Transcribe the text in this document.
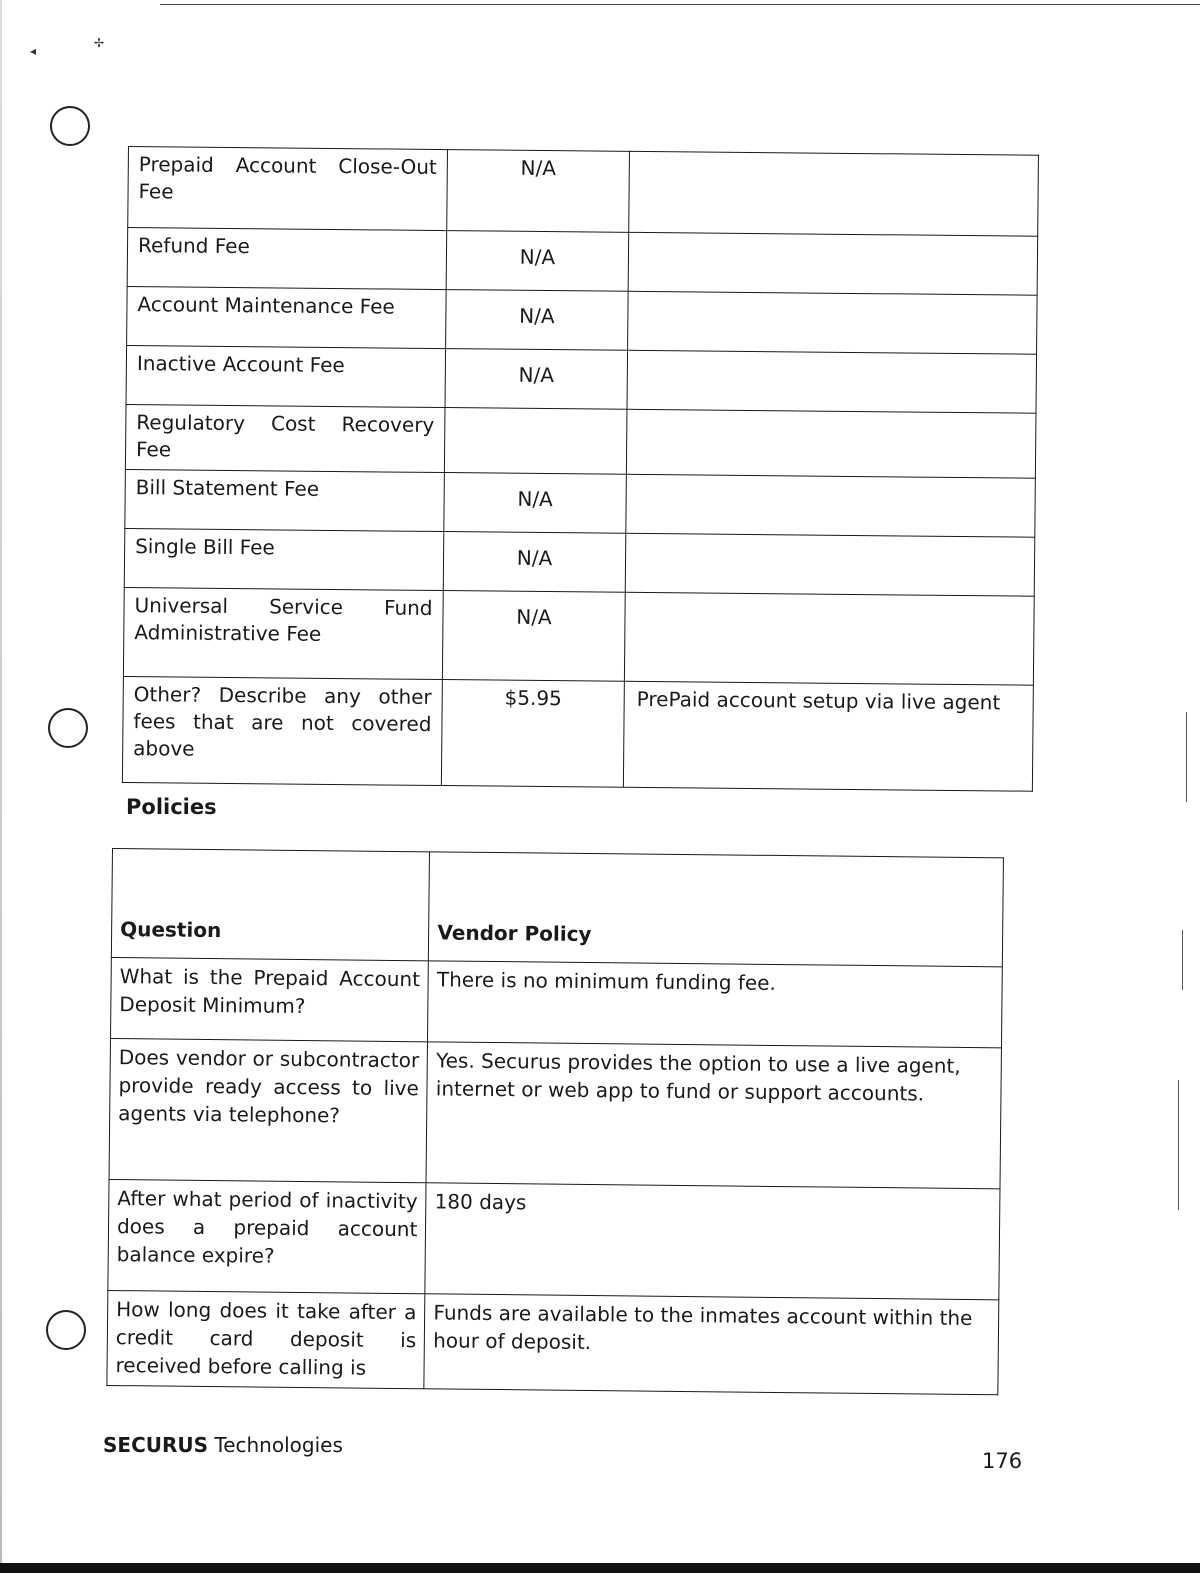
◂
✢
Prepaid Account Close-Out Fee	N/A	
Refund Fee	N/A	
Account Maintenance Fee	N/A	
Inactive Account Fee	N/A	
Regulatory Cost Recovery Fee		
Bill Statement Fee	N/A	
Single Bill Fee	N/A	
Universal Service Fund Administrative Fee	N/A	
Other? Describe any other fees that are not covered above	$5.95	PrePaid account setup via live agent
Policies
Question	Vendor Policy
What is the Prepaid Account Deposit Minimum?	There is no minimum funding fee.
Does vendor or subcontractor provide ready access to live agents via telephone?	Yes. Securus provides the option to use a live agent, internet or web app to fund or support accounts.
After what period of inactivity does a prepaid account balance expire?	180 days
How long does it take after a credit card deposit is received before calling is	Funds are available to the inmates account within the hour of deposit.
SECURUS Technologies
176
